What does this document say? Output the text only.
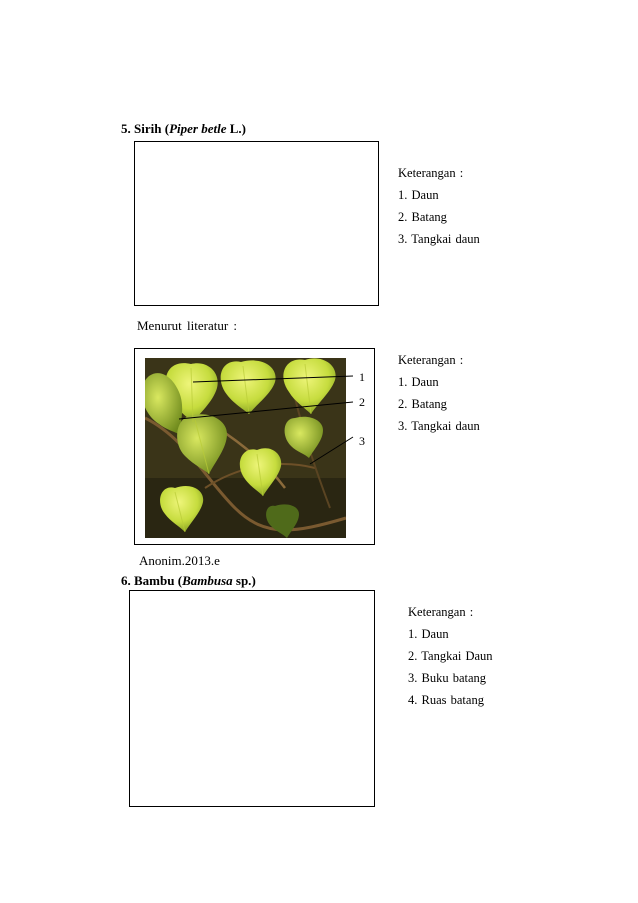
5. Sirih (Piper betle L.)
Keterangan :
1. Daun
2. Batang
3. Tangkai daun
Menurut literatur :
1
2
3
Keterangan :
1. Daun
2. Batang
3. Tangkai daun
Anonim.2013.e
6. Bambu (Bambusa sp.)
Keterangan :
1. Daun
2. Tangkai Daun
3. Buku batang
4. Ruas batang
